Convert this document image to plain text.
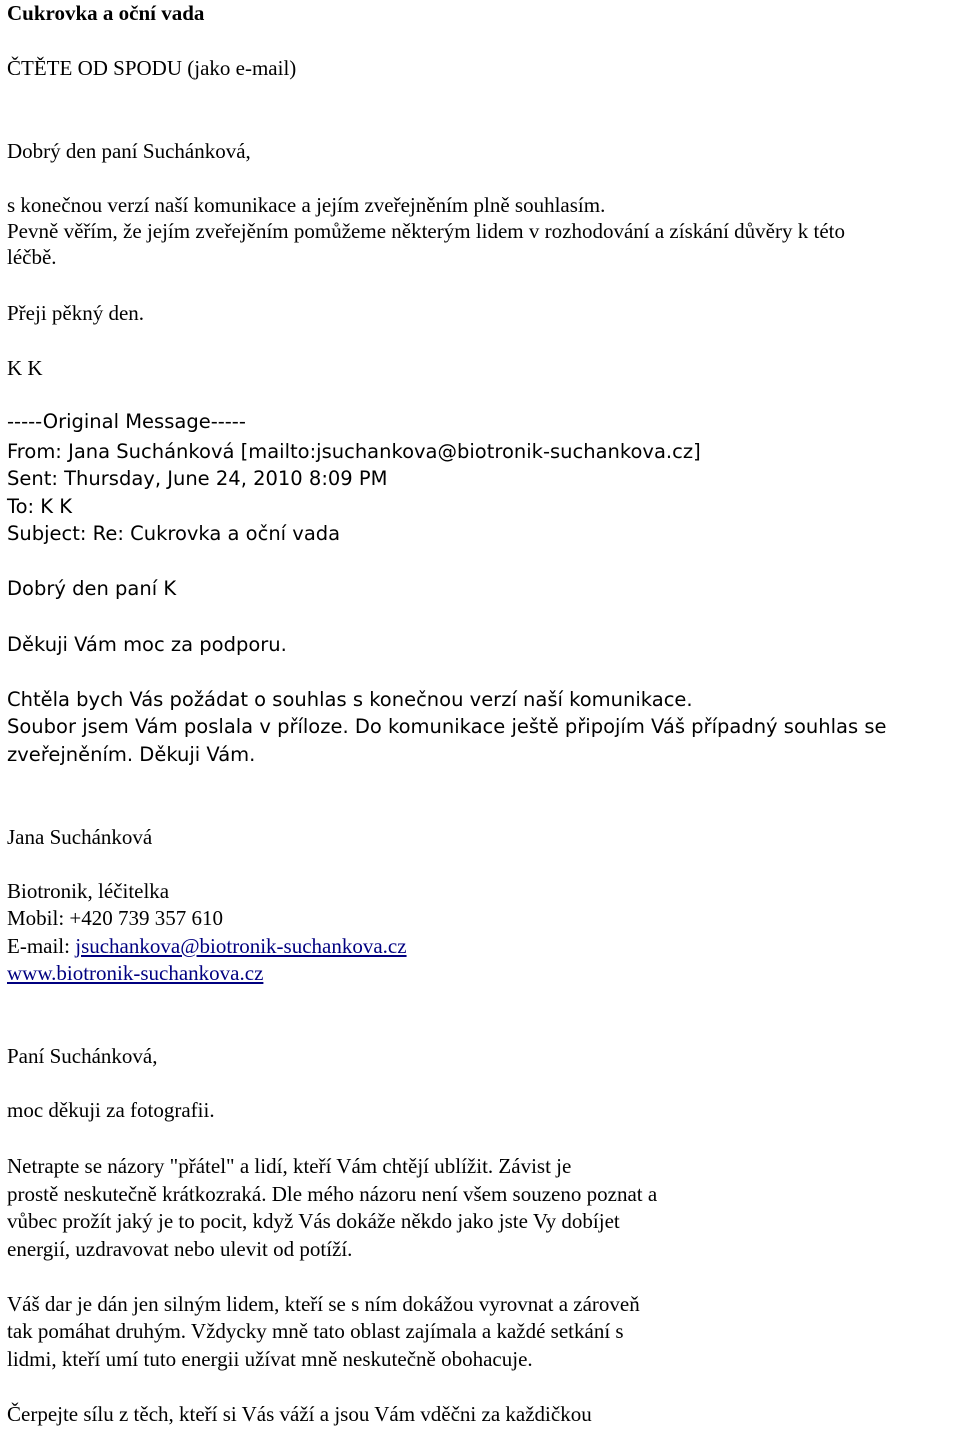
Cukrovka a oční vada
ČTĚTE OD SPODU (jako e-mail)
Dobrý den paní Suchánková,
s konečnou verzí naší komunikace a jejím zveřejněním plně souhlasím.
Pevně věřím, že jejím zveřejěním pomůžeme některým lidem v rozhodování a získání důvěry k této
léčbě.
Přeji pěkný den.
K K
-----Original Message-----
From: Jana Suchánková [mailto:jsuchankova@biotronik-suchankova.cz]
Sent: Thursday, June 24, 2010 8:09 PM
To: K K
Subject: Re: Cukrovka a oční vada
Dobrý den paní K
Děkuji Vám moc za podporu.
Chtěla bych Vás požádat o souhlas s konečnou verzí naší komunikace.
Soubor jsem Vám poslala v příloze. Do komunikace ještě připojím Váš případný souhlas se
zveřejněním. Děkuji Vám.
Jana Suchánková
Biotronik, léčitelka
Mobil: +420 739 357 610
E-mail: jsuchankova@biotronik-suchankova.cz
www.biotronik-suchankova.cz
Paní Suchánková,
moc děkuji za fotografii.
Netrapte se názory "přátel" a lidí, kteří Vám chtějí ublížit. Závist je
prostě neskutečně krátkozraká. Dle mého názoru není všem souzeno poznat a
vůbec prožít jaký je to pocit, když Vás dokáže někdo jako jste Vy dobíjet
energií, uzdravovat nebo ulevit od potíží.
Váš dar je dán jen silným lidem, kteří se s ním dokážou vyrovnat a zároveň
tak pomáhat druhým. Vždycky mně tato oblast zajímala a každé setkání s
lidmi, kteří umí tuto energii užívat mně neskutečně obohacuje.
Čerpejte sílu z těch, kteří si Vás váží a jsou Vám vděčni za každičkou
